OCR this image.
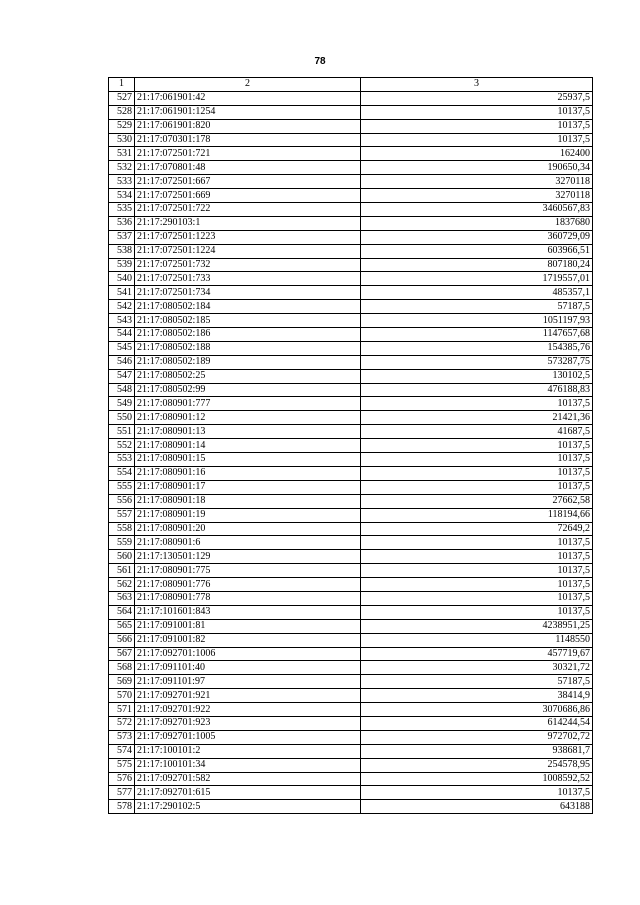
78
1	2	3
527	21:17:061901:42	25937,5
528	21:17:061901:1254	10137,5
529	21:17:061901:820	10137,5
530	21:17:070301:178	10137,5
531	21:17:072501:721	162400
532	21:17:070801:48	190650,34
533	21:17:072501:667	3270118
534	21:17:072501:669	3270118
535	21:17:072501:722	3460567,83
536	21:17:290103:1	1837680
537	21:17:072501:1223	360729,09
538	21:17:072501:1224	603966,51
539	21:17:072501:732	807180,24
540	21:17:072501:733	1719557,01
541	21:17:072501:734	485357,1
542	21:17:080502:184	57187,5
543	21:17:080502:185	1051197,93
544	21:17:080502:186	1147657,68
545	21:17:080502:188	154385,76
546	21:17:080502:189	573287,75
547	21:17:080502:25	130102,5
548	21:17:080502:99	476188,83
549	21:17:080901:777	10137,5
550	21:17:080901:12	21421,36
551	21:17:080901:13	41687,5
552	21:17:080901:14	10137,5
553	21:17:080901:15	10137,5
554	21:17:080901:16	10137,5
555	21:17:080901:17	10137,5
556	21:17:080901:18	27662,58
557	21:17:080901:19	118194,66
558	21:17:080901:20	72649,2
559	21:17:080901:6	10137,5
560	21:17:130501:129	10137,5
561	21:17:080901:775	10137,5
562	21:17:080901:776	10137,5
563	21:17:080901:778	10137,5
564	21:17:101601:843	10137,5
565	21:17:091001:81	4238951,25
566	21:17:091001:82	1148550
567	21:17:092701:1006	457719,67
568	21:17:091101:40	30321,72
569	21:17:091101:97	57187,5
570	21:17:092701:921	38414,9
571	21:17:092701:922	3070686,86
572	21:17:092701:923	614244,54
573	21:17:092701:1005	972702,72
574	21:17:100101:2	938681,7
575	21:17:100101:34	254578,95
576	21:17:092701:582	1008592,52
577	21:17:092701:615	10137,5
578	21:17:290102:5	643188
